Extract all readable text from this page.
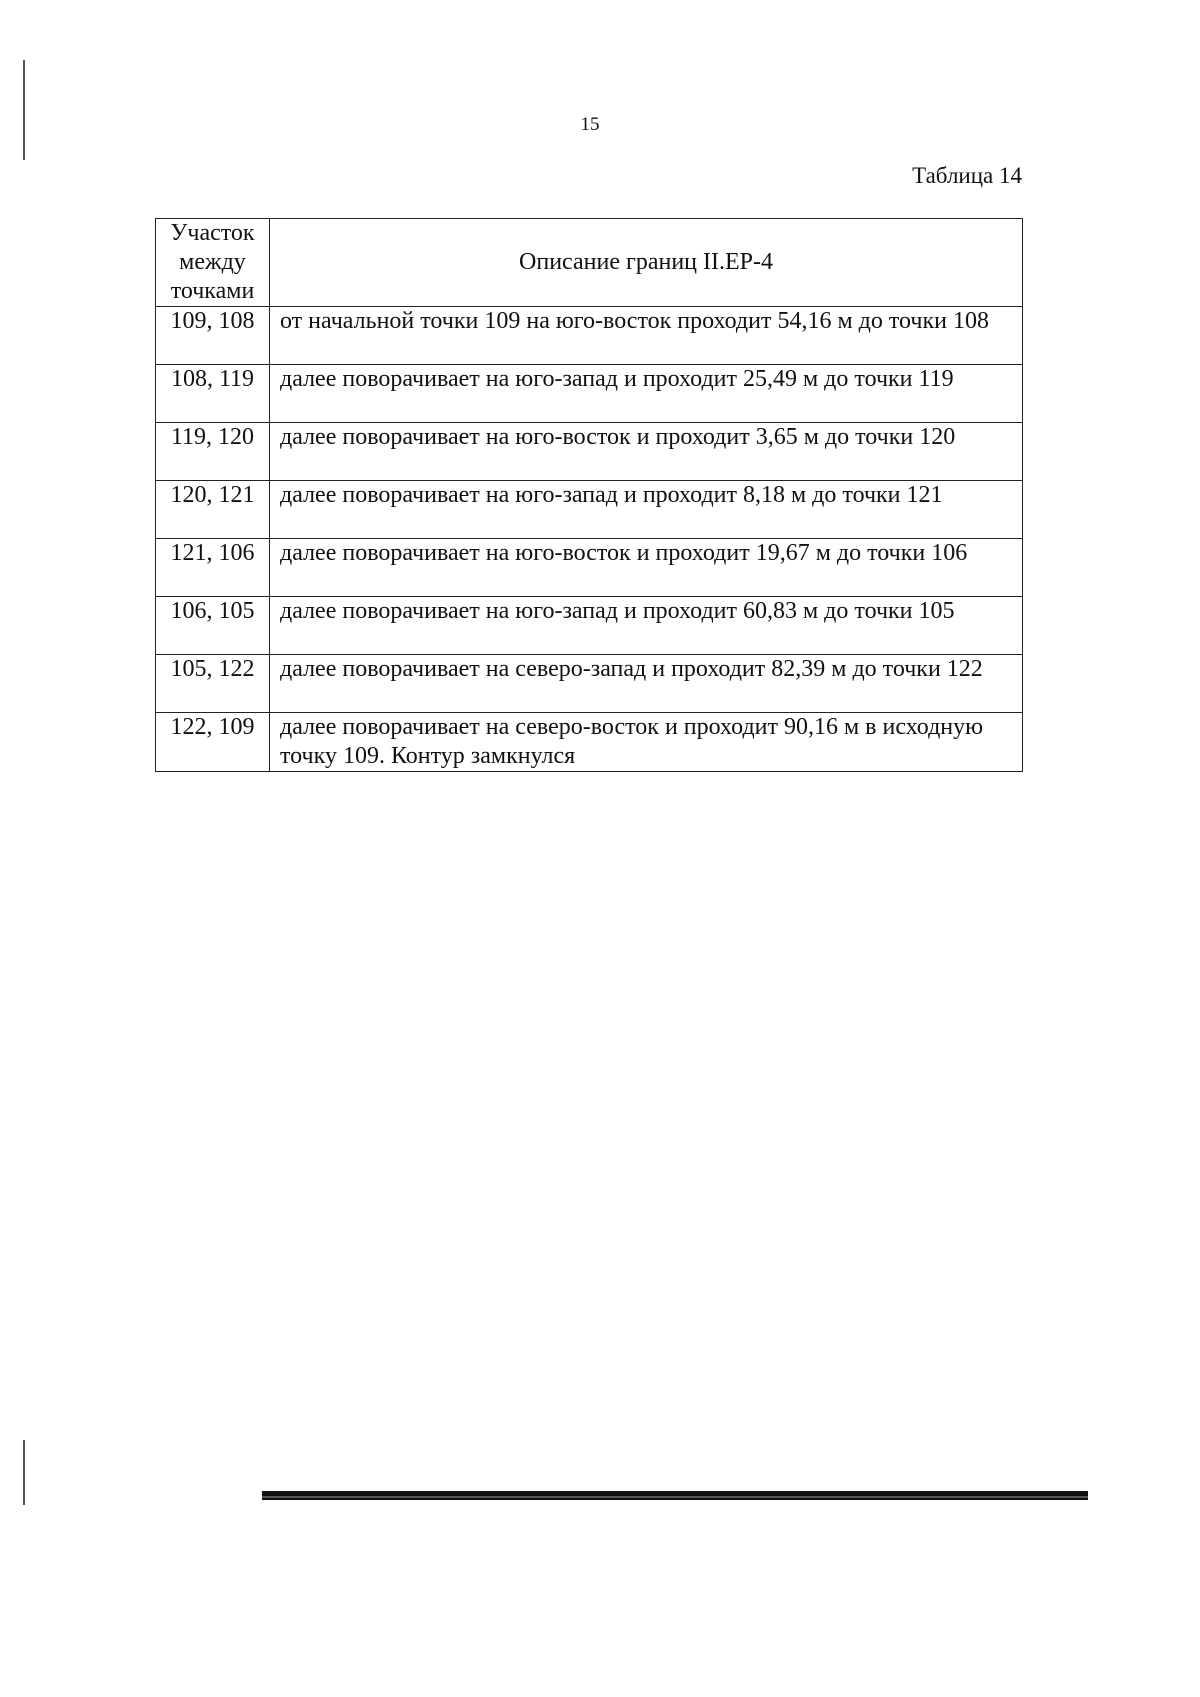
15
Таблица 14
Участок между точками	Описание границ II.ЕР-4
109, 108	от начальной точки 109 на юго-восток проходит 54,16 м до точки 108
108, 119	далее поворачивает на юго-запад и проходит 25,49 м до точки 119
119, 120	далее поворачивает на юго-восток и проходит 3,65 м до точки 120
120, 121	далее поворачивает на юго-запад и проходит 8,18 м до точки 121
121, 106	далее поворачивает на юго-восток и проходит 19,67 м до точки 106
106, 105	далее поворачивает на юго-запад и проходит 60,83 м до точки 105
105, 122	далее поворачивает на северо-запад и проходит 82,39 м до точки 122
122, 109	далее поворачивает на северо-восток и проходит 90,16 м в исходную точку 109. Контур замкнулся
